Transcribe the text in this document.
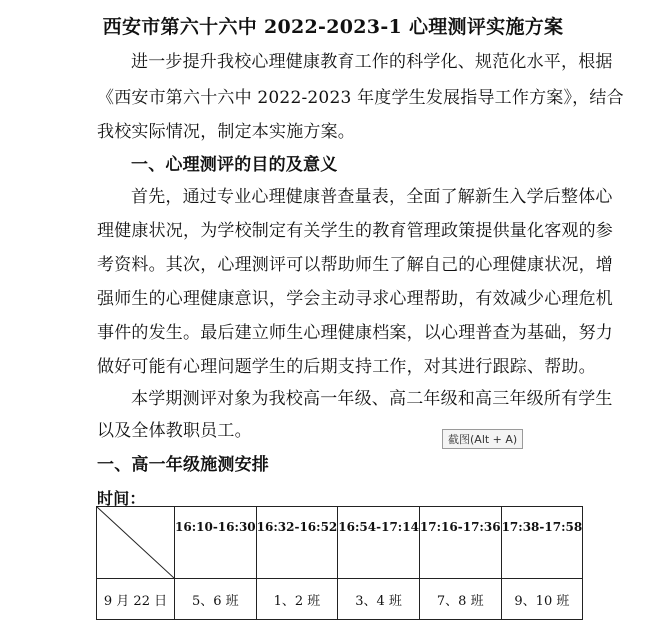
西安市第六十六中 2022-2023-1 心理测评实施方案
进一步提升我校心理健康教育工作的科学化、规范化水平，根据
《西安市第六十六中 2022-2023 年度学生发展指导工作方案》，结合
我校实际情况，制定本实施方案。
一、心理测评的目的及意义
首先，通过专业心理健康普查量表，全面了解新生入学后整体心
理健康状况，为学校制定有关学生的教育管理政策提供量化客观的参
考资料。其次，心理测评可以帮助师生了解自己的心理健康状况，增
强师生的心理健康意识，学会主动寻求心理帮助，有效减少心理危机
事件的发生。最后建立师生心理健康档案，以心理普查为基础，努力
做好可能有心理问题学生的后期支持工作，对其进行跟踪、帮助。
本学期测评对象为我校高一年级、高二年级和高三年级所有学生
以及全体教职员工。	截图(Alt + A)
一、高一年级施测安排
时间：
	16:10-16:30	16:32-16:52	16:54-17:14	17:16-17:36	17:38-17:58
9 月 22 日	5、6 班	1、2 班	3、4 班	7、8 班	9、10 班
